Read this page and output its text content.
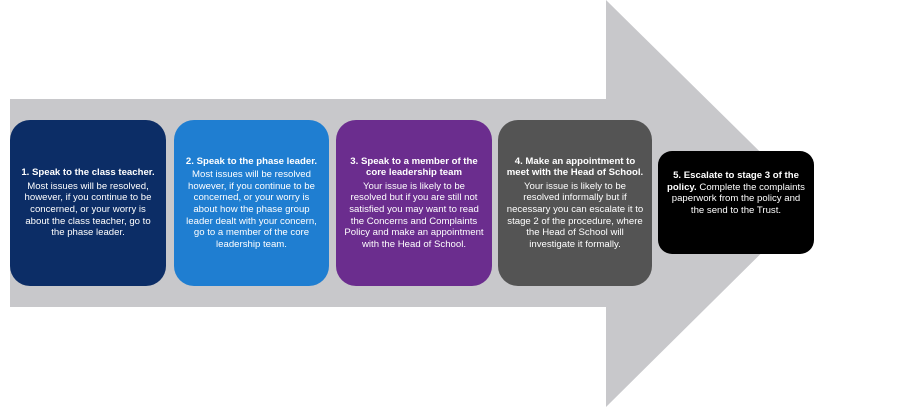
1. Speak to the class teacher.
Most issues will be resolved, however, if you continue to be concerned, or your worry is about the class teacher, go to the phase leader.
2. Speak to the phase leader.
Most issues will be resolved however, if you continue to be concerned, or your worry is about how the phase group leader dealt with your concern, go to a member of the core leadership team.
3. Speak to a member of the core leadership team
Your issue is likely to be resolved but if you are still not satisfied you may want to read the Concerns and Complaints Policy and make an appointment with the Head of School.
4. Make an appointment to meet with the Head of School.
Your issue is likely to be resolved informally but if necessary you can escalate it to stage 2 of the procedure, where the Head of School will investigate it formally.
5. Escalate to stage 3 of the policy. Complete the complaints paperwork from the policy and the send to the Trust.
